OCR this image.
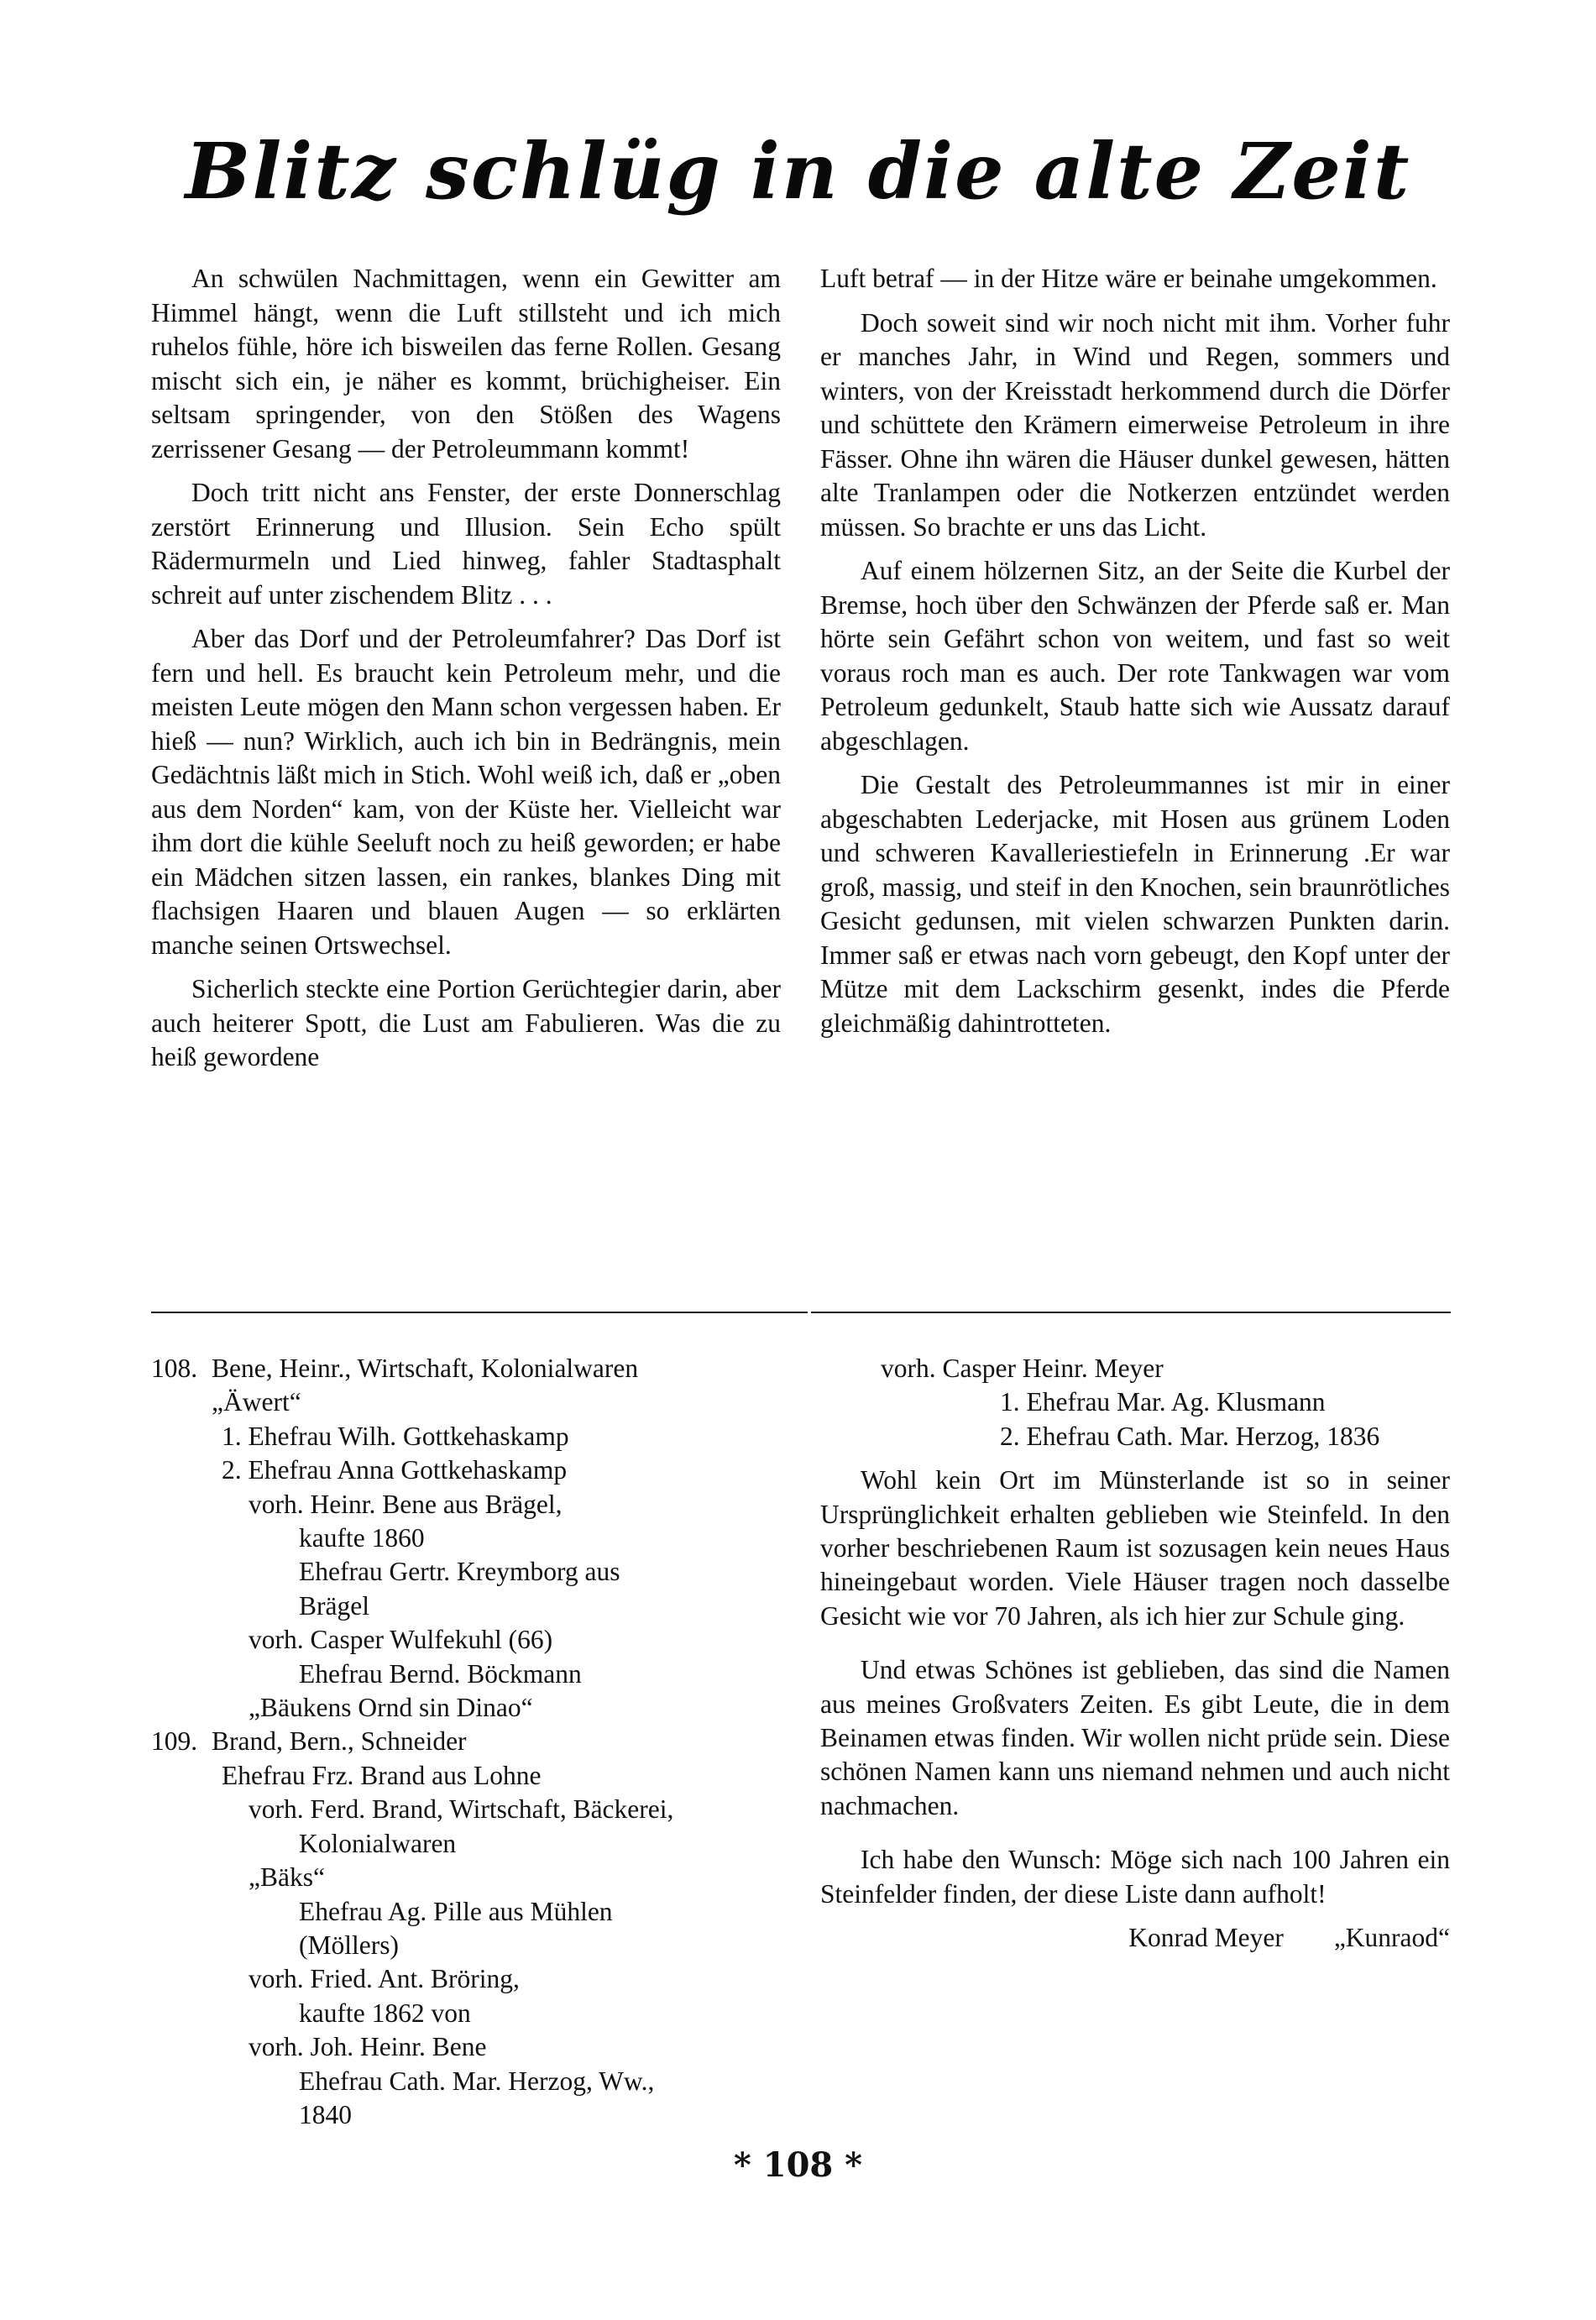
Blitz schlüg in die alte Zeit

An schwülen Nachmittagen, wenn ein Gewitter am Himmel hängt, wenn die Luft stillsteht und ich mich ruhelos fühle, höre ich bisweilen das ferne Rollen. Gesang mischt sich ein, je näher es kommt, brüchigheiser. Ein seltsam springender, von den Stößen des Wagens zerrissener Gesang — der Petroleummann kommt!

Doch tritt nicht ans Fenster, der erste Donnerschlag zerstört Erinnerung und Illusion. Sein Echo spült Rädermurmeln und Lied hinweg, fahler Stadtasphalt schreit auf unter zischendem Blitz . . .

Aber das Dorf und der Petroleumfahrer? Das Dorf ist fern und hell. Es braucht kein Petroleum mehr, und die meisten Leute mögen den Mann schon vergessen haben. Er hieß — nun? Wirklich, auch ich bin in Bedrängnis, mein Gedächtnis läßt mich in Stich. Wohl weiß ich, daß er „oben aus dem Norden“ kam, von der Küste her. Vielleicht war ihm dort die kühle Seeluft noch zu heiß geworden; er habe ein Mädchen sitzen lassen, ein rankes, blankes Ding mit flachsigen Haaren und blauen Augen — so erklärten manche seinen Ortswechsel.

Sicherlich steckte eine Portion Gerüchtegier darin, aber auch heiterer Spott, die Lust am Fabulieren. Was die zu heiß gewordene

Luft betraf — in der Hitze wäre er beinahe umgekommen.

Doch soweit sind wir noch nicht mit ihm. Vorher fuhr er manches Jahr, in Wind und Regen, sommers und winters, von der Kreisstadt herkommend durch die Dörfer und schüttete den Krämern eimerweise Petroleum in ihre Fässer. Ohne ihn wären die Häuser dunkel gewesen, hätten alte Tranlampen oder die Notkerzen entzündet werden müssen. So brachte er uns das Licht.

Auf einem hölzernen Sitz, an der Seite die Kurbel der Bremse, hoch über den Schwänzen der Pferde saß er. Man hörte sein Gefährt schon von weitem, und fast so weit voraus roch man es auch. Der rote Tankwagen war vom Petroleum gedunkelt, Staub hatte sich wie Aussatz darauf abgeschlagen.

Die Gestalt des Petroleummannes ist mir in einer abgeschabten Lederjacke, mit Hosen aus grünem Loden und schweren Kavalleriestiefeln in Erinnerung .Er war groß, massig, und steif in den Knochen, sein braunrötliches Gesicht gedunsen, mit vielen schwarzen Punkten darin. Immer saß er etwas nach vorn gebeugt, den Kopf unter der Mütze mit dem Lackschirm gesenkt, indes die Pferde gleichmäßig dahintrotteten.

108. Bene, Heinr., Wirtschaft, Kolonialwaren
„Äwert“
1. Ehefrau Wilh. Gottkehaskamp
2. Ehefrau Anna Gottkehaskamp
vorh. Heinr. Bene aus Brägel,
kaufte 1860
Ehefrau Gertr. Kreymborg aus
Brägel
vorh. Casper Wulfekuhl (66)
Ehefrau Bernd. Böckmann
„Bäukens Ornd sin Dinao“
109. Brand, Bern., Schneider
Ehefrau Frz. Brand aus Lohne
vorh. Ferd. Brand, Wirtschaft, Bäckerei,
Kolonialwaren
„Bäks“
Ehefrau Ag. Pille aus Mühlen
(Möllers)
vorh. Fried. Ant. Bröring,
kaufte 1862 von
vorh. Joh. Heinr. Bene
Ehefrau Cath. Mar. Herzog, Ww.,
1840
vorh. Casper Heinr. Meyer
1. Ehefrau Mar. Ag. Klusmann
2. Ehefrau Cath. Mar. Herzog, 1836

Wohl kein Ort im Münsterlande ist so in seiner Ursprünglichkeit erhalten geblieben wie Steinfeld. In den vorher beschriebenen Raum ist sozusagen kein neues Haus hineingebaut worden. Viele Häuser tragen noch dasselbe Gesicht wie vor 70 Jahren, als ich hier zur Schule ging.

Und etwas Schönes ist geblieben, das sind die Namen aus meines Großvaters Zeiten. Es gibt Leute, die in dem Beinamen etwas finden. Wir wollen nicht prüde sein. Diese schönen Namen kann uns niemand nehmen und auch nicht nachmachen.

Ich habe den Wunsch: Möge sich nach 100 Jahren ein Steinfelder finden, der diese Liste dann aufholt!

Konrad Meyer „Kunraod“
* 108 *
